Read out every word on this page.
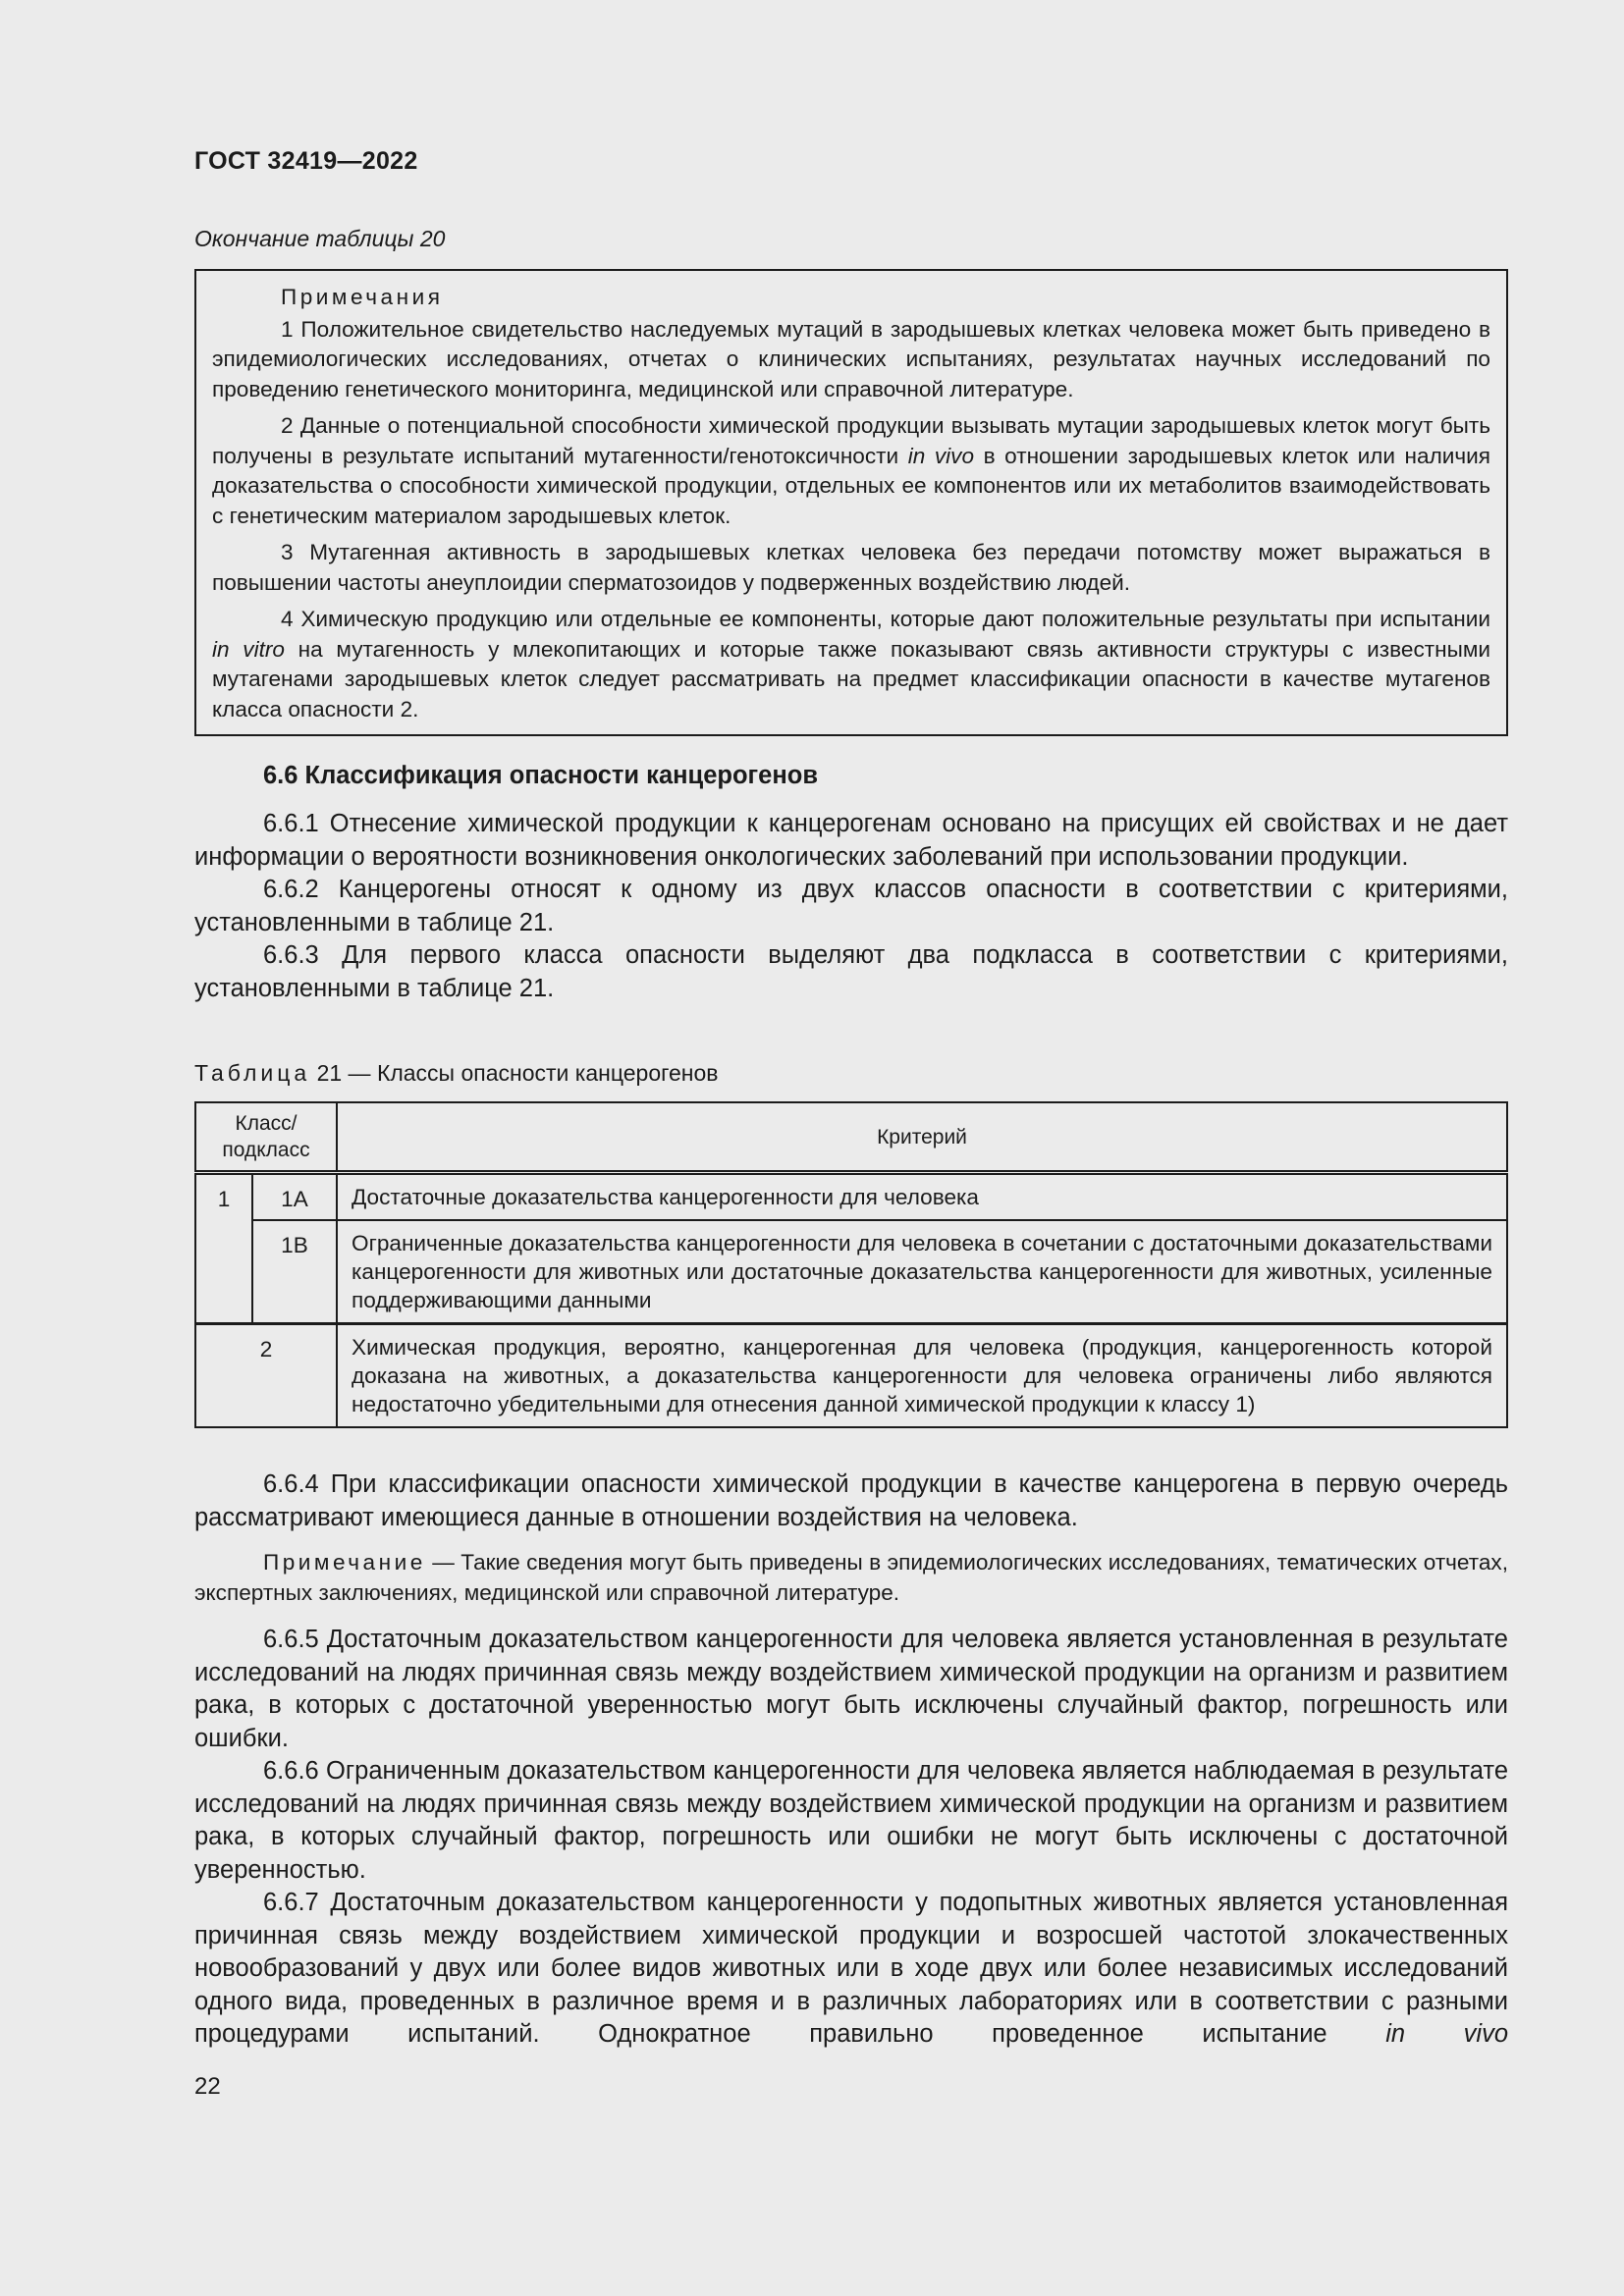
ГОСТ 32419—2022
Окончание таблицы 20
Примечания

1 Положительное свидетельство наследуемых мутаций в зародышевых клетках человека может быть приведено в эпидемиологических исследованиях, отчетах о клинических испытаниях, результатах научных исследований по проведению генетического мониторинга, медицинской или справочной литературе.

2 Данные о потенциальной способности химической продукции вызывать мутации зародышевых клеток могут быть получены в результате испытаний мутагенности/генотоксичности in vivo в отношении зародышевых клеток или наличия доказательства о способности химической продукции, отдельных ее компонентов или их метаболитов взаимодействовать с генетическим материалом зародышевых клеток.

3 Мутагенная активность в зародышевых клетках человека без передачи потомству может выражаться в повышении частоты анеуплоидии сперматозоидов у подверженных воздействию людей.

4 Химическую продукцию или отдельные ее компоненты, которые дают положительные результаты при испытании in vitro на мутагенность у млекопитающих и которые также показывают связь активности структуры с известными мутагенами зародышевых клеток следует рассматривать на предмет классификации опасности в качестве мутагенов класса опасности 2.

6.6 Классификация опасности канцерогенов

6.6.1 Отнесение химической продукции к канцерогенам основано на присущих ей свойствах и не дает информации о вероятности возникновения онкологических заболеваний при использовании продукции.

6.6.2 Канцерогены относят к одному из двух классов опасности в соответствии с критериями, установленными в таблице 21.

6.6.3 Для первого класса опасности выделяют два подкласса в соответствии с критериями, установленными в таблице 21.

Таблица 21 — Классы опасности канцерогенов
Класс/ подкласс		Критерий
1	1А	Достаточные доказательства канцерогенности для человека
	1В	Ограниченные доказательства канцерогенности для человека в сочетании с достаточными доказательствами канцерогенности для животных или достаточные доказательства канцерогенности для животных, усиленные поддерживающими данными
2		Химическая продукция, вероятно, канцерогенная для человека (продукция, канцерогенность которой доказана на животных, а доказательства канцерогенности для человека ограничены либо являются недостаточно убедительными для отнесения данной химической продукции к классу 1)

6.6.4 При классификации опасности химической продукции в качестве канцерогена в первую очередь рассматривают имеющиеся данные в отношении воздействия на человека.

Примечание — Такие сведения могут быть приведены в эпидемиологических исследованиях, тематических отчетах, экспертных заключениях, медицинской или справочной литературе.

6.6.5 Достаточным доказательством канцерогенности для человека является установленная в результате исследований на людях причинная связь между воздействием химической продукции на организм и развитием рака, в которых с достаточной уверенностью могут быть исключены случайный фактор, погрешность или ошибки.

6.6.6 Ограниченным доказательством канцерогенности для человека является наблюдаемая в результате исследований на людях причинная связь между воздействием химической продукции на организм и развитием рака, в которых случайный фактор, погрешность или ошибки не могут быть исключены с достаточной уверенностью.

6.6.7 Достаточным доказательством канцерогенности у подопытных животных является установленная причинная связь между воздействием химической продукции и возросшей частотой злокачественных новообразований у двух или более видов животных или в ходе двух или более независимых исследований одного вида, проведенных в различное время и в различных лабораториях или в соответствии с разными процедурами испытаний. Однократное правильно проведенное испытание in vivo

22
